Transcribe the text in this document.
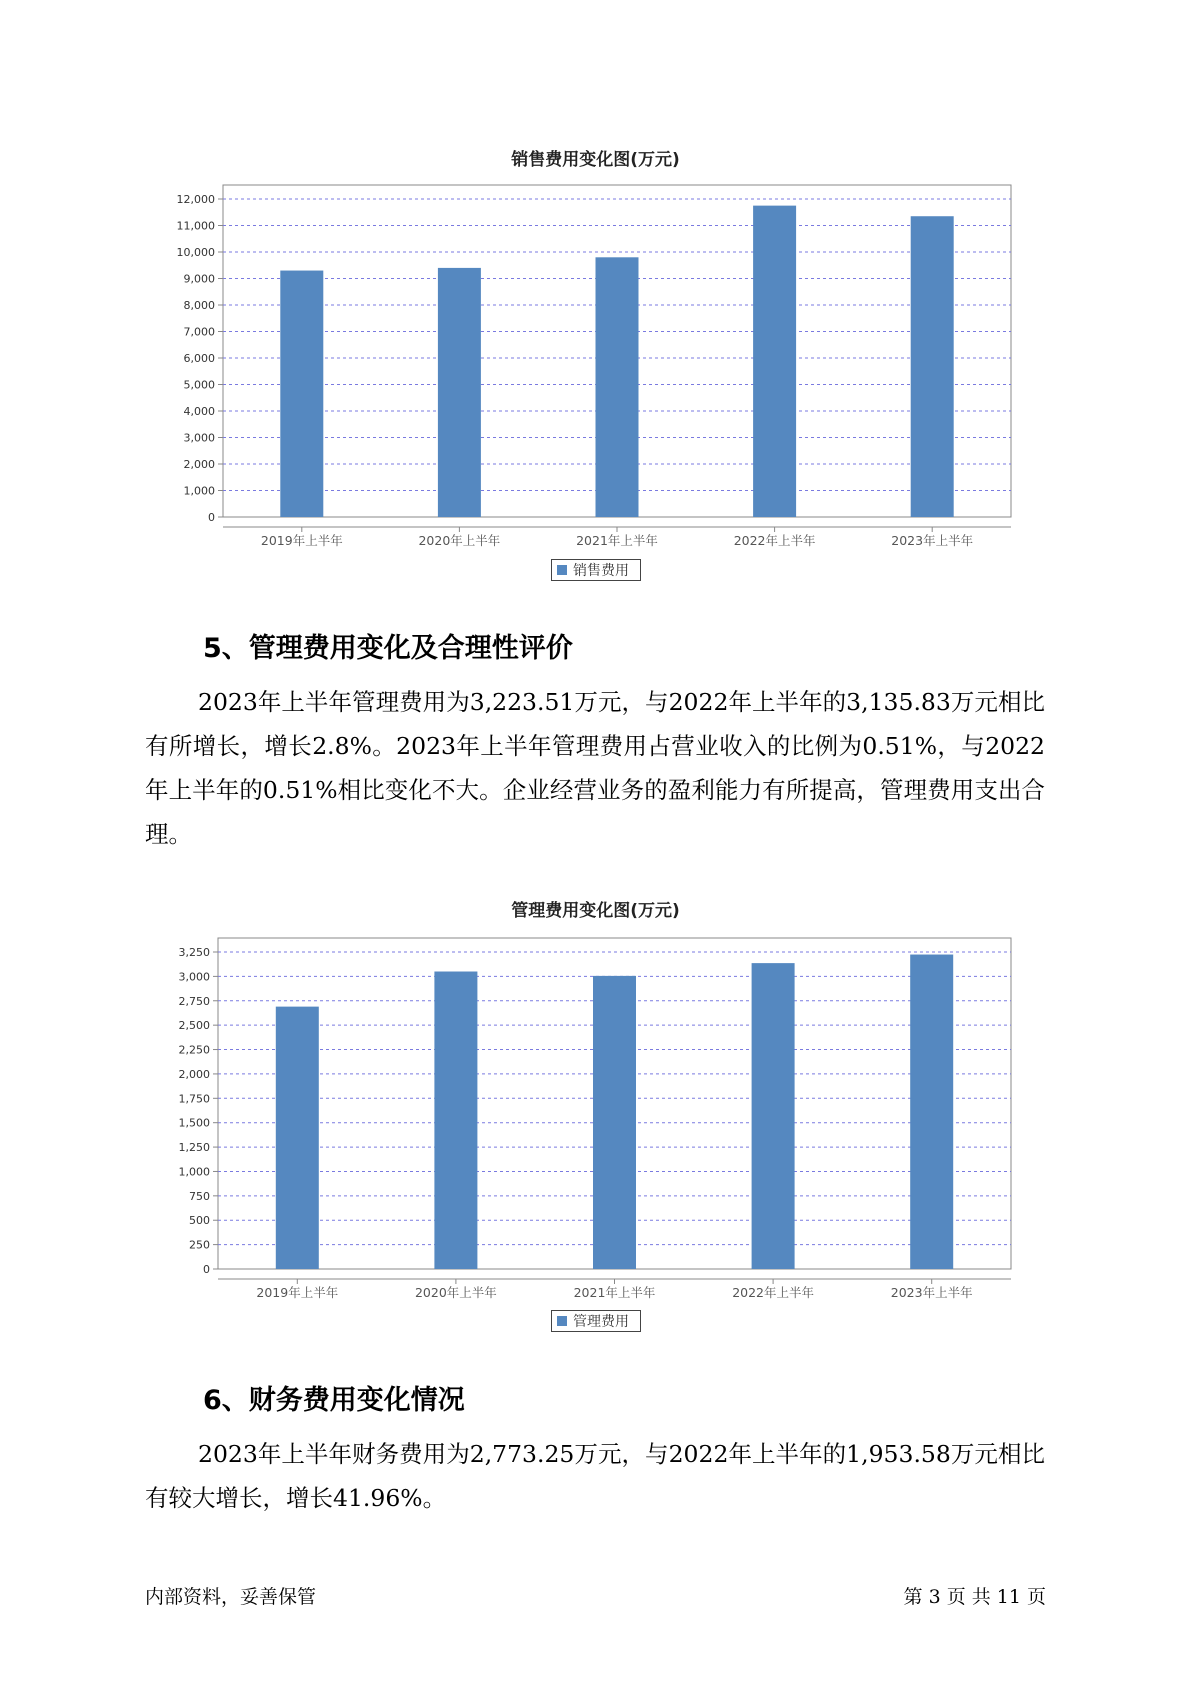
销售费用变化图(万元)
0
1,000
2,000
3,000
4,000
5,000
6,000
7,000
8,000
9,000
10,000
11,000
12,000
2019年上半年	2020年上半年	2021年上半年	2022年上半年	2023年上半年
销售费用
5、管理费用变化及合理性评价
2023年上半年管理费用为3,223.51万元，与2022年上半年的3,135.83万元相比有所增长，增长2.8%。2023年上半年管理费用占营业收入的比例为0.51%，与2022年上半年的0.51%相比变化不大。企业经营业务的盈利能力有所提高，管理费用支出合理。
管理费用变化图(万元)
0
250
500
750
1,000
1,250
1,500
1,750
2,000
2,250
2,500
2,750
3,000
3,250
2019年上半年	2020年上半年	2021年上半年	2022年上半年	2023年上半年
管理费用
6、财务费用变化情况
2023年上半年财务费用为2,773.25万元，与2022年上半年的1,953.58万元相比有较大增长，增长41.96%。
内部资料，妥善保管	第 3 页 共 11 页
